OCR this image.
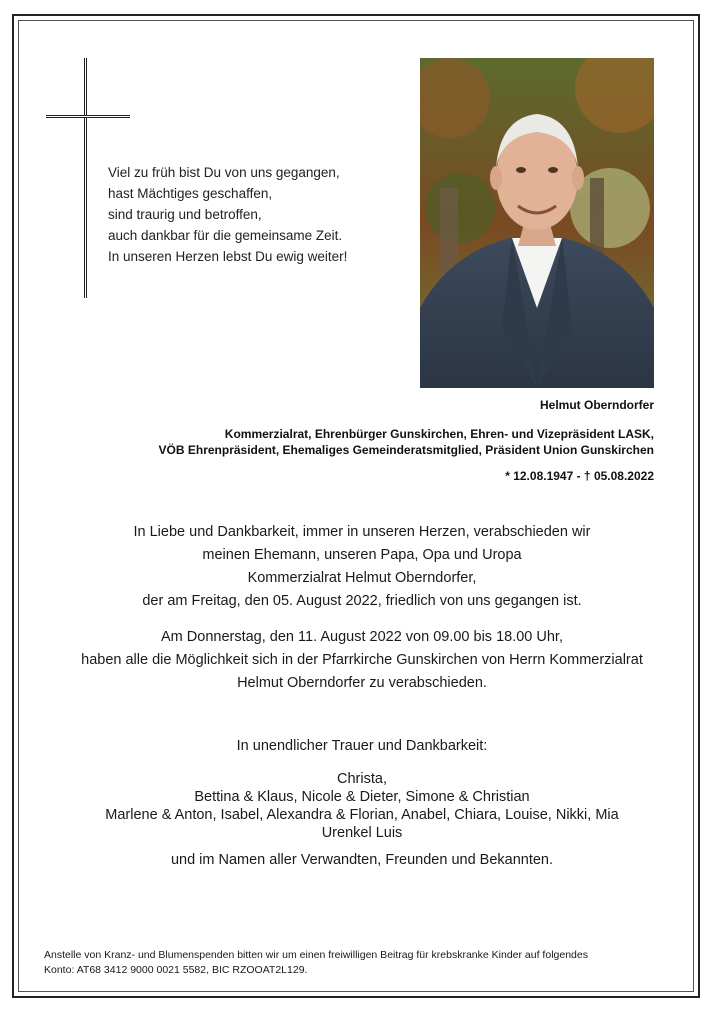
Viel zu früh bist Du von uns gegangen,
hast Mächtiges geschaffen,
sind traurig und betroffen,
auch dankbar für die gemeinsame Zeit.
In unseren Herzen lebst Du ewig weiter!
Helmut Oberndorfer
Kommerzialrat, Ehrenbürger Gunskirchen, Ehren- und Vizepräsident LASK,
VÖB Ehrenpräsident, Ehemaliges Gemeinderatsmitglied, Präsident Union Gunskirchen
* 12.08.1947 - † 05.08.2022
In Liebe und Dankbarkeit, immer in unseren Herzen, verabschieden wir
meinen Ehemann, unseren Papa, Opa und Uropa
Kommerzialrat Helmut Oberndorfer,
der am Freitag, den 05. August 2022, friedlich von uns gegangen ist.
Am Donnerstag, den 11. August 2022 von 09.00 bis 18.00 Uhr,
haben alle die Möglichkeit sich in der Pfarrkirche Gunskirchen von Herrn Kommerzialrat
Helmut Oberndorfer zu verabschieden.
In unendlicher Trauer und Dankbarkeit:
Christa,
Bettina & Klaus, Nicole & Dieter, Simone & Christian
Marlene & Anton, Isabel, Alexandra & Florian, Anabel, Chiara, Louise, Nikki, Mia
Urenkel Luis
und im Namen aller Verwandten, Freunden und Bekannten.
Anstelle von Kranz- und Blumenspenden bitten wir um einen freiwilligen Beitrag für krebskranke Kinder auf folgendes
Konto: AT68 3412 9000 0021 5582, BIC RZOOAT2L129.
